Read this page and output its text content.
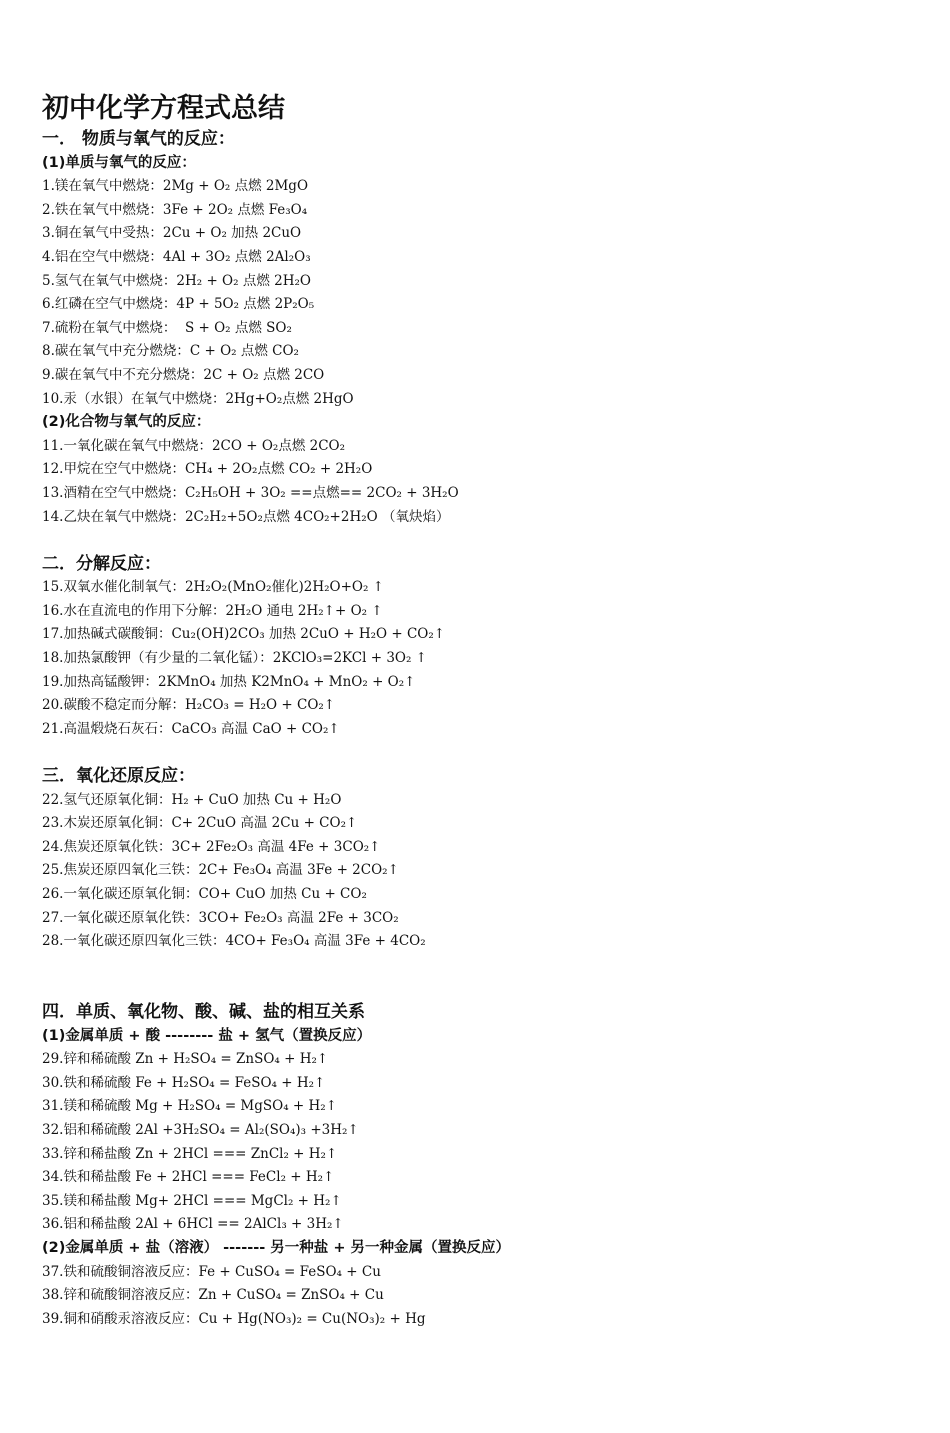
初中化学方程式总结
一． 物质与氧气的反应：
(1)单质与氧气的反应：
1.镁在氧气中燃烧：2Mg + O₂ 点燃 2MgO
2.铁在氧气中燃烧：3Fe + 2O₂ 点燃 Fe₃O₄
3.铜在氧气中受热：2Cu + O₂ 加热 2CuO
4.铝在空气中燃烧：4Al + 3O₂ 点燃 2Al₂O₃
5.氢气在氧气中燃烧：2H₂ + O₂ 点燃 2H₂O
6.红磷在空气中燃烧：4P + 5O₂ 点燃 2P₂O₅
7.硫粉在氧气中燃烧：  S + O₂ 点燃 SO₂
8.碳在氧气中充分燃烧：C + O₂ 点燃 CO₂
9.碳在氧气中不充分燃烧：2C + O₂ 点燃 2CO
10.汞（水银）在氧气中燃烧：2Hg+O₂点燃 2HgO
(2)化合物与氧气的反应：
11.一氧化碳在氧气中燃烧：2CO + O₂点燃 2CO₂
12.甲烷在空气中燃烧：CH₄ + 2O₂点燃 CO₂ + 2H₂O
13.酒精在空气中燃烧：C₂H₅OH + 3O₂ ==点燃== 2CO₂ + 3H₂O
14.乙炔在氧气中燃烧：2C₂H₂+5O₂点燃 4CO₂+2H₂O （氧炔焰）
二．分解反应：
15.双氧水催化制氧气：2H₂O₂(MnO₂催化)2H₂O+O₂ ↑
16.水在直流电的作用下分解：2H₂O 通电 2H₂↑+ O₂ ↑
17.加热碱式碳酸铜：Cu₂(OH)2CO₃ 加热 2CuO + H₂O + CO₂↑
18.加热氯酸钾（有少量的二氧化锰）：2KClO₃=2KCl + 3O₂ ↑
19.加热高锰酸钾：2KMnO₄ 加热 K2MnO₄ + MnO₂ + O₂↑
20.碳酸不稳定而分解：H₂CO₃ = H₂O + CO₂↑
21.高温煅烧石灰石：CaCO₃ 高温 CaO + CO₂↑
三．氧化还原反应：
22.氢气还原氧化铜：H₂ + CuO 加热 Cu + H₂O
23.木炭还原氧化铜：C+ 2CuO 高温 2Cu + CO₂↑
24.焦炭还原氧化铁：3C+ 2Fe₂O₃ 高温 4Fe + 3CO₂↑
25.焦炭还原四氧化三铁：2C+ Fe₃O₄ 高温 3Fe + 2CO₂↑
26.一氧化碳还原氧化铜：CO+ CuO 加热 Cu + CO₂
27.一氧化碳还原氧化铁：3CO+ Fe₂O₃ 高温 2Fe + 3CO₂
28.一氧化碳还原四氧化三铁：4CO+ Fe₃O₄ 高温 3Fe + 4CO₂
四．单质、氧化物、酸、碱、盐的相互关系
(1)金属单质 + 酸 -------- 盐 + 氢气（置换反应）
29.锌和稀硫酸 Zn + H₂SO₄ = ZnSO₄ + H₂↑
30.铁和稀硫酸 Fe + H₂SO₄ = FeSO₄ + H₂↑
31.镁和稀硫酸 Mg + H₂SO₄ = MgSO₄ + H₂↑
32.铝和稀硫酸 2Al +3H₂SO₄ = Al₂(SO₄)₃ +3H₂↑
33.锌和稀盐酸 Zn + 2HCl === ZnCl₂ + H₂↑
34.铁和稀盐酸 Fe + 2HCl === FeCl₂ + H₂↑
35.镁和稀盐酸 Mg+ 2HCl === MgCl₂ + H₂↑
36.铝和稀盐酸 2Al + 6HCl == 2AlCl₃ + 3H₂↑
(2)金属单质 + 盐（溶液） ------- 另一种盐 + 另一种金属（置换反应）
37.铁和硫酸铜溶液反应：Fe + CuSO₄ = FeSO₄ + Cu
38.锌和硫酸铜溶液反应：Zn + CuSO₄ = ZnSO₄ + Cu
39.铜和硝酸汞溶液反应：Cu + Hg(NO₃)₂ = Cu(NO₃)₂ + Hg
